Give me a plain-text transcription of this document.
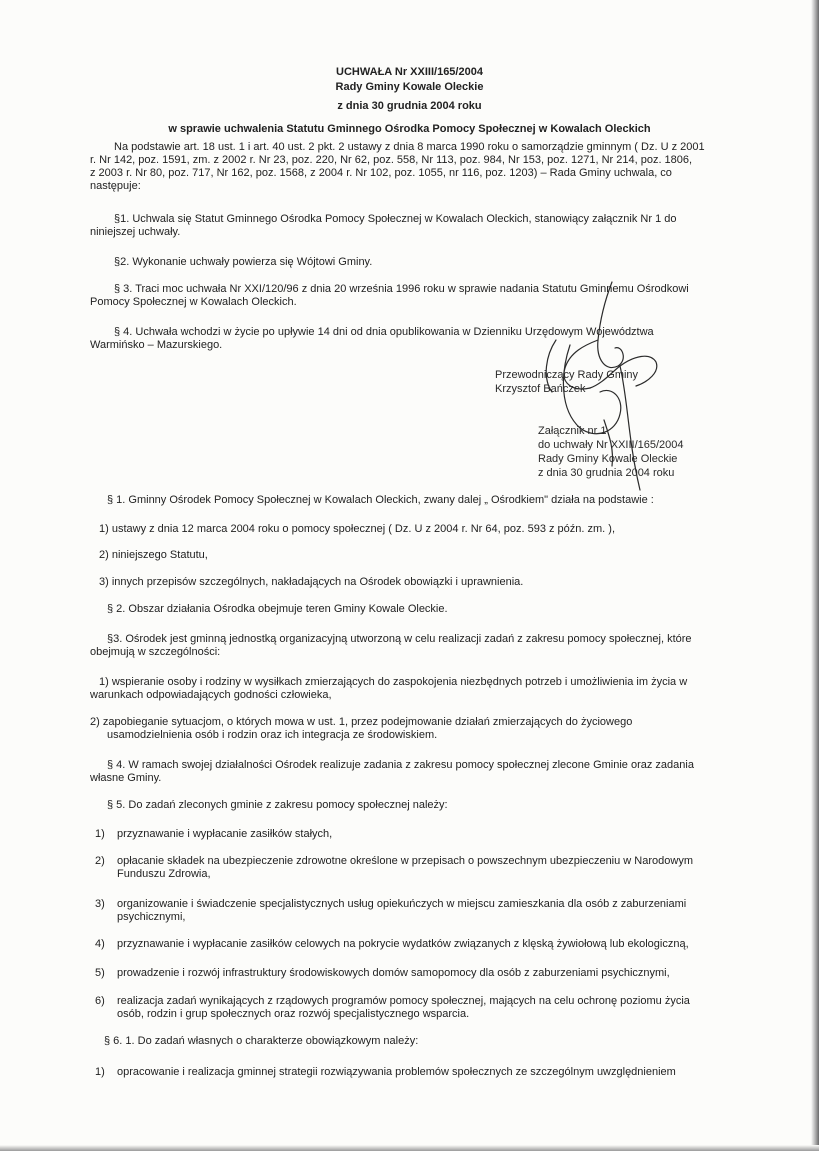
UCHWAŁA Nr XXIII/165/2004
Rady Gminy Kowale Oleckie
z dnia 30 grudnia 2004 roku
w sprawie uchwalenia Statutu Gminnego Ośrodka Pomocy Społecznej w Kowalach Oleckich
Na podstawie art. 18 ust. 1 i art. 40 ust. 2 pkt. 2 ustawy z dnia 8 marca 1990 roku o samorządzie gminnym ( Dz. U z 2001
r. Nr 142, poz. 1591, zm. z 2002 r. Nr 23, poz. 220, Nr 62, poz. 558, Nr 113, poz. 984, Nr 153, poz. 1271, Nr 214, poz. 1806,
z 2003 r. Nr 80, poz. 717, Nr 162, poz. 1568, z 2004 r. Nr 102, poz. 1055, nr 116, poz. 1203) – Rada Gminy uchwala, co
następuje:
§1. Uchwala się Statut Gminnego Ośrodka Pomocy Społecznej w Kowalach Oleckich, stanowiący załącznik Nr 1 do
niniejszej uchwały.
§2. Wykonanie uchwały powierza się Wójtowi Gminy.
§ 3. Traci moc uchwała Nr XXI/120/96 z dnia 20 września 1996 roku w sprawie nadania Statutu Gminnemu Ośrodkowi
Pomocy Społecznej w Kowalach Oleckich.
§ 4. Uchwała wchodzi w życie po upływie 14 dni od dnia opublikowania w Dzienniku Urzędowym Województwa
Warmińsko – Mazurskiego.
Przewodniczący Rady Gminy
Krzysztof Bańczek
Załącznik nr 1
do uchwały Nr XXIII/165/2004
Rady Gminy Kowale Oleckie
z dnia 30 grudnia 2004 roku
§ 1. Gminny Ośrodek Pomocy Społecznej w Kowalach Oleckich, zwany dalej „ Ośrodkiem" działa na podstawie :
1) ustawy z dnia 12 marca 2004 roku o pomocy społecznej ( Dz. U z 2004 r. Nr 64, poz. 593 z późn. zm. ),
2) niniejszego Statutu,
3) innych przepisów szczególnych, nakładających na Ośrodek obowiązki i uprawnienia.
§ 2. Obszar działania Ośrodka obejmuje teren Gminy Kowale Oleckie.
§3. Ośrodek jest gminną jednostką organizacyjną utworzoną w celu realizacji zadań z zakresu pomocy społecznej, które
obejmują w szczególności:
1) wspieranie osoby i rodziny w wysiłkach zmierzających do zaspokojenia niezbędnych potrzeb i umożliwienia im życia w
warunkach odpowiadających godności człowieka,
2) zapobieganie sytuacjom, o których mowa w ust. 1, przez podejmowanie działań zmierzających do życiowego
usamodzielnienia osób i rodzin oraz ich integracja ze środowiskiem.
§ 4. W ramach swojej działalności Ośrodek realizuje zadania z zakresu pomocy społecznej zlecone Gminie oraz zadania
własne Gminy.
§ 5. Do zadań zleconych gminie z zakresu pomocy społecznej należy:
1) przyznawanie i wypłacanie zasiłków stałych,
2) opłacanie składek na ubezpieczenie zdrowotne określone w przepisach o powszechnym ubezpieczeniu w Narodowym
Funduszu Zdrowia,
3) organizowanie i świadczenie specjalistycznych usług opiekuńczych w miejscu zamieszkania dla osób z zaburzeniami
psychicznymi,
4) przyznawanie i wypłacanie zasiłków celowych na pokrycie wydatków związanych z klęską żywiołową lub ekologiczną,
5) prowadzenie i rozwój infrastruktury środowiskowych domów samopomocy dla osób z zaburzeniami psychicznymi,
6) realizacja zadań wynikających z rządowych programów pomocy społecznej, mających na celu ochronę poziomu życia
osób, rodzin i grup społecznych oraz rozwój specjalistycznego wsparcia.
§ 6. 1. Do zadań własnych o charakterze obowiązkowym należy:
1) opracowanie i realizacja gminnej strategii rozwiązywania problemów społecznych ze szczególnym uwzględnieniem
